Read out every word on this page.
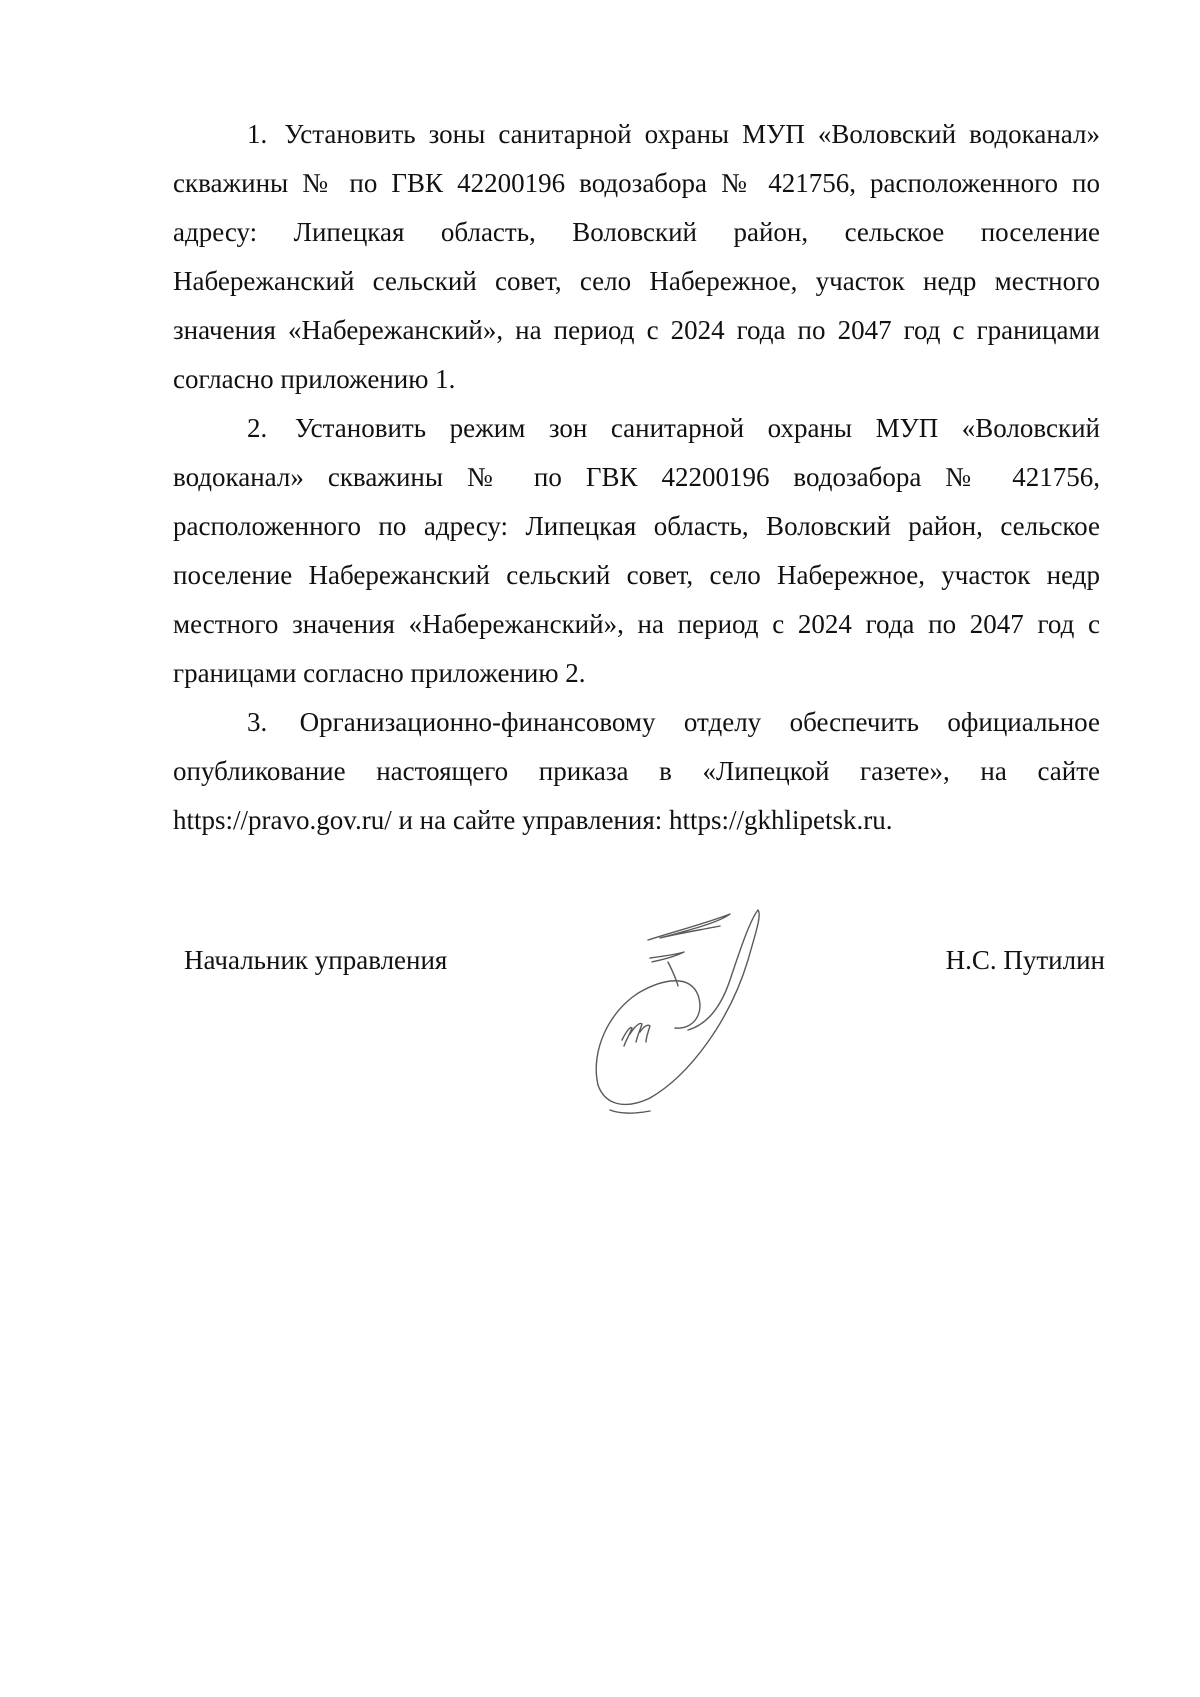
1. Установить зоны санитарной охраны МУП «Воловский водоканал» скважины № по ГВК 42200196 водозабора № 421756, расположенного по адресу: Липецкая область, Воловский район, сельское поселение Набережанский сельский совет, село Набережное, участок недр местного значения «Набережанский», на период с 2024 года по 2047 год с границами согласно приложению 1.

2. Установить режим зон санитарной охраны МУП «Воловский водоканал» скважины № по ГВК 42200196 водозабора № 421756, расположенного по адресу: Липецкая область, Воловский район, сельское поселение Набережанский сельский совет, село Набережное, участок недр местного значения «Набережанский», на период с 2024 года по 2047 год с границами согласно приложению 2.

3. Организационно-финансовому отделу обеспечить официальное опубликование настоящего приказа в «Липецкой газете», на сайте https://pravo.gov.ru/ и на сайте управления: https://gkhlipetsk.ru.

Начальник управления	Н.С. Путилин
